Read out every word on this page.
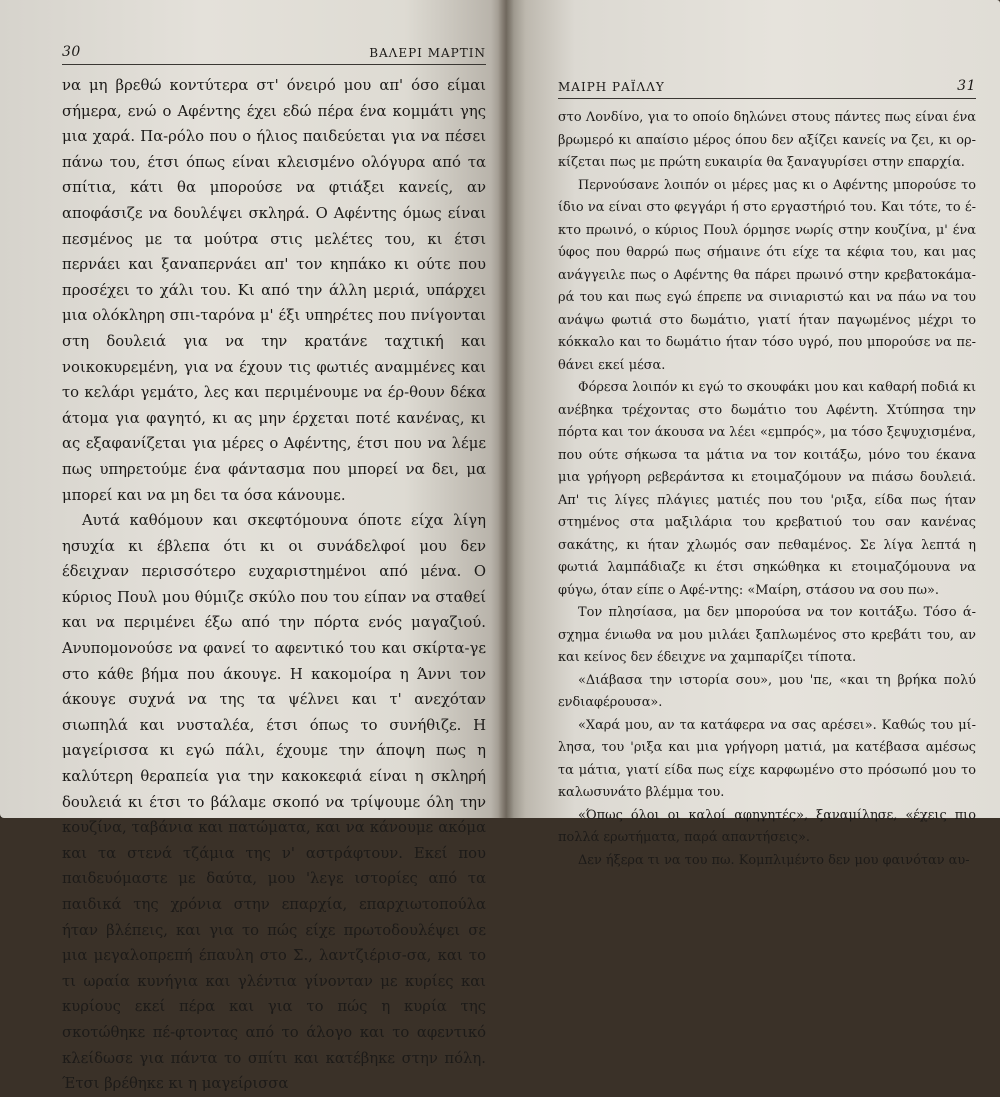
30	ΒΑΛΕΡΙ ΜΑΡΤΙΝ

να μη βρεθώ κοντύτερα στ' όνειρό μου απ' όσο είμαι σήμερα, ενώ ο Αφέντης έχει εδώ πέρα ένα κομμάτι γης μια χαρά. Πα-ρόλο που ο ήλιος παιδεύεται για να πέσει πάνω του, έτσι όπως είναι κλεισμένο ολόγυρα από τα σπίτια, κάτι θα μπορούσε να φτιάξει κανείς, αν αποφάσιζε να δουλέψει σκληρά. Ο Αφέντης όμως είναι πεσμένος με τα μούτρα στις μελέτες του, κι έτσι περνάει και ξαναπερνάει απ' τον κηπάκο κι ούτε που προσέχει το χάλι του. Κι από την άλλη μεριά, υπάρχει μια ολόκληρη σπι-ταρόνα μ' έξι υπηρέτες που πνίγονται στη δουλειά για να την κρατάνε ταχτική και νοικοκυρεμένη, για να έχουν τις φωτιές αναμμένες και το κελάρι γεμάτο, λες και περιμένουμε να έρ-θουν δέκα άτομα για φαγητό, κι ας μην έρχεται ποτέ κανένας, κι ας εξαφανίζεται για μέρες ο Αφέντης, έτσι που να λέμε πως υπηρετούμε ένα φάντασμα που μπορεί να δει, μα μπορεί και να μη δει τα όσα κάνουμε.

Αυτά καθόμουν και σκεφτόμουνα όποτε είχα λίγη ησυχία κι έβλεπα ότι κι οι συνάδελφοί μου δεν έδειχναν περισσότερο ευχαριστημένοι από μένα. Ο κύριος Πουλ μου θύμιζε σκύλο που του είπαν να σταθεί και να περιμένει έξω από την πόρτα ενός μαγαζιού. Ανυπομονούσε να φανεί το αφεντικό του και σκίρτα-γε στο κάθε βήμα που άκουγε. Η κακομοίρα η Άννι τον άκουγε συχνά να της τα ψέλνει και τ' ανεχόταν σιωπηλά και νυσταλέα, έτσι όπως το συνήθιζε. Η μαγείρισσα κι εγώ πάλι, έχουμε την άποψη πως η καλύτερη θεραπεία για την κακοκεφιά είναι η σκληρή δουλειά κι έτσι το βάλαμε σκοπό να τρίψουμε όλη την κουζίνα, ταβάνια και πατώματα, και να κάνουμε ακόμα και τα στενά τζάμια της ν' αστράφτουν. Εκεί που παιδευόμαστε με δαύτα, μου 'λεγε ιστορίες από τα παιδικά της χρόνια στην επαρχία, επαρχιωτοπούλα ήταν βλέπεις, και για το πώς είχε πρωτοδουλέψει σε μια μεγαλοπρεπή έπαυλη στο Σ., λαντζιέρισ-σα, και το τι ωραία κυνήγια και γλέντια γίνονταν με κυρίες και κυρίους εκεί πέρα και για το πώς η κυρία της σκοτώθηκε πέ-φτοντας από το άλογο και το αφεντικό κλείδωσε για πάντα το σπίτι και κατέβηκε στην πόλη. Έτσι βρέθηκε κι η μαγείρισσα

ΜΑΙΡΗ ΡΑΪΛΛΥ	31

στο Λονδίνο, για το οποίο δηλώνει στους πάντες πως είναι ένα βρωμερό κι απαίσιο μέρος όπου δεν αξίζει κανείς να ζει, κι ορ-κίζεται πως με πρώτη ευκαιρία θα ξαναγυρίσει στην επαρχία.

Περνούσανε λοιπόν οι μέρες μας κι ο Αφέντης μπορούσε το ίδιο να είναι στο φεγγάρι ή στο εργαστήριό του. Και τότε, το έ-κτο πρωινό, ο κύριος Πουλ όρμησε νωρίς στην κουζίνα, μ' ένα ύφος που θαρρώ πως σήμαινε ότι είχε τα κέφια του, και μας ανάγγειλε πως ο Αφέντης θα πάρει πρωινό στην κρεβατοκάμα-ρά του και πως εγώ έπρεπε να σινιαριστώ και να πάω να του ανάψω φωτιά στο δωμάτιο, γιατί ήταν παγωμένος μέχρι το κόκκαλο και το δωμάτιο ήταν τόσο υγρό, που μπορούσε να πε-θάνει εκεί μέσα.

Φόρεσα λοιπόν κι εγώ το σκουφάκι μου και καθαρή ποδιά κι ανέβηκα τρέχοντας στο δωμάτιο του Αφέντη. Χτύπησα την πόρτα και τον άκουσα να λέει «εμπρός», μα τόσο ξεψυχισμένα, που ούτε σήκωσα τα μάτια να τον κοιτάξω, μόνο του έκανα μια γρήγορη ρεβεράντσα κι ετοιμαζόμουν να πιάσω δουλειά. Απ' τις λίγες πλάγιες ματιές που του 'ριξα, είδα πως ήταν στημένος στα μαξιλάρια του κρεβατιού του σαν κανένας σακάτης, κι ήταν χλωμός σαν πεθαμένος. Σε λίγα λεπτά η φωτιά λαμπάδιαζε κι έτσι σηκώθηκα κι ετοιμαζόμουνα να φύγω, όταν είπε ο Αφέ-ντης: «Μαίρη, στάσου να σου πω».

Τον πλησίασα, μα δεν μπορούσα να τον κοιτάξω. Τόσο ά-σχημα ένιωθα να μου μιλάει ξαπλωμένος στο κρεβάτι του, αν και κείνος δεν έδειχνε να χαμπαρίζει τίποτα.

«Διάβασα την ιστορία σου», μου 'πε, «και τη βρήκα πολύ ενδιαφέρουσα».

«Χαρά μου, αν τα κατάφερα να σας αρέσει». Καθώς του μί-λησα, του 'ριξα και μια γρήγορη ματιά, μα κατέβασα αμέσως τα μάτια, γιατί είδα πως είχε καρφωμένο στο πρόσωπό μου το καλωσυνάτο βλέμμα του.

«Όπως όλοι οι καλοί αφηγητές», ξαναμίλησε, «έχεις πιο πολλά ερωτήματα, παρά απαντήσεις».

Δεν ήξερα τι να του πω. Κομπλιμέντο δεν μου φαινόταν αυ-
